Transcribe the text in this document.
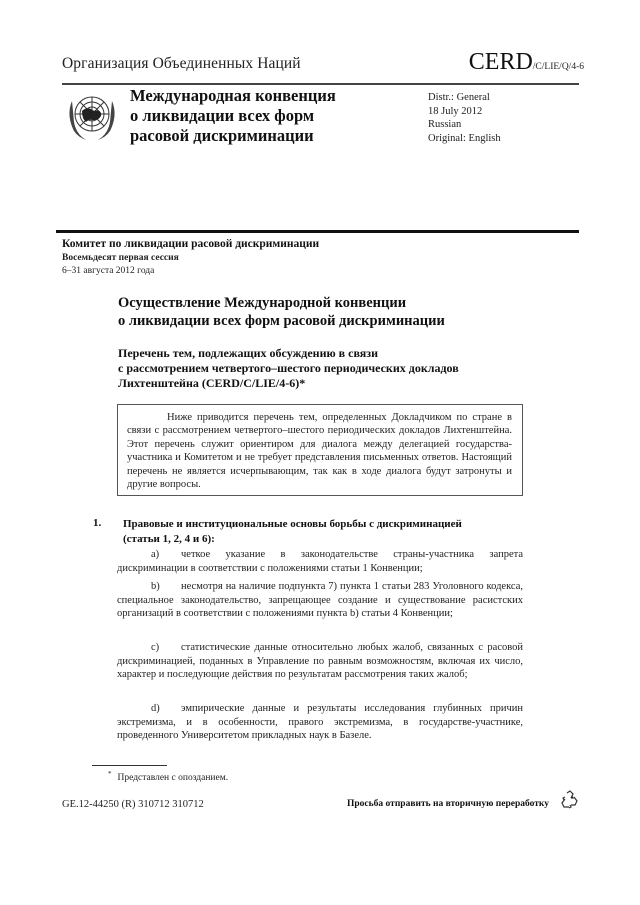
Организация Объединенных Наций	CERD/C/LIE/Q/4-6
Международная конвенция
о ликвидации всех форм
расовой дискриминации
Distr.: General
18 July 2012
Russian
Original: English
Комитет по ликвидации расовой дискриминации
Восемьдесят первая сессия
6–31 августа 2012 года
Осуществление Международной конвенции
о ликвидации всех форм расовой дискриминации
Перечень тем, подлежащих обсуждению в связи
с рассмотрением четвертого–шестого периодических докладов
Лихтенштейна (CERD/C/LIE/4-6)*

Ниже приводится перечень тем, определенных Докладчиком по стране в связи с рассмотрением четвертого–шестого периодических докладов Лихтенштейна. Этот перечень служит ориентиром для диалога между делегацией государства-участника и Комитетом и не требует представления письменных ответов. Настоящий перечень не является исчерпывающим, так как в ходе диалога будут затронуты и другие вопросы.

1. Правовые и институциональные основы борьбы с дискриминацией
(статьи 1, 2, 4 и 6):
a) четкое указание в законодательстве страны-участника запрета дискриминации в соответствии с положениями статьи 1 Конвенции;
b) несмотря на наличие подпункта 7) пункта 1 статьи 283 Уголовного кодекса, специальное законодательство, запрещающее создание и существование расистских организаций в соответствии с положениями пункта b) статьи 4 Конвенции;
c) статистические данные относительно любых жалоб, связанных с расовой дискриминацией, поданных в Управление по равным возможностям, включая их число, характер и последующие действия по результатам рассмотрения таких жалоб;
d) эмпирические данные и результаты исследования глубинных причин экстремизма, и в особенности, правого экстремизма, в государстве-участнике, проведенного Университетом прикладных наук в Базеле.
* Представлен с опозданием.
GE.12-44250 (R) 310712 310712	Просьба отправить на вторичную переработку
